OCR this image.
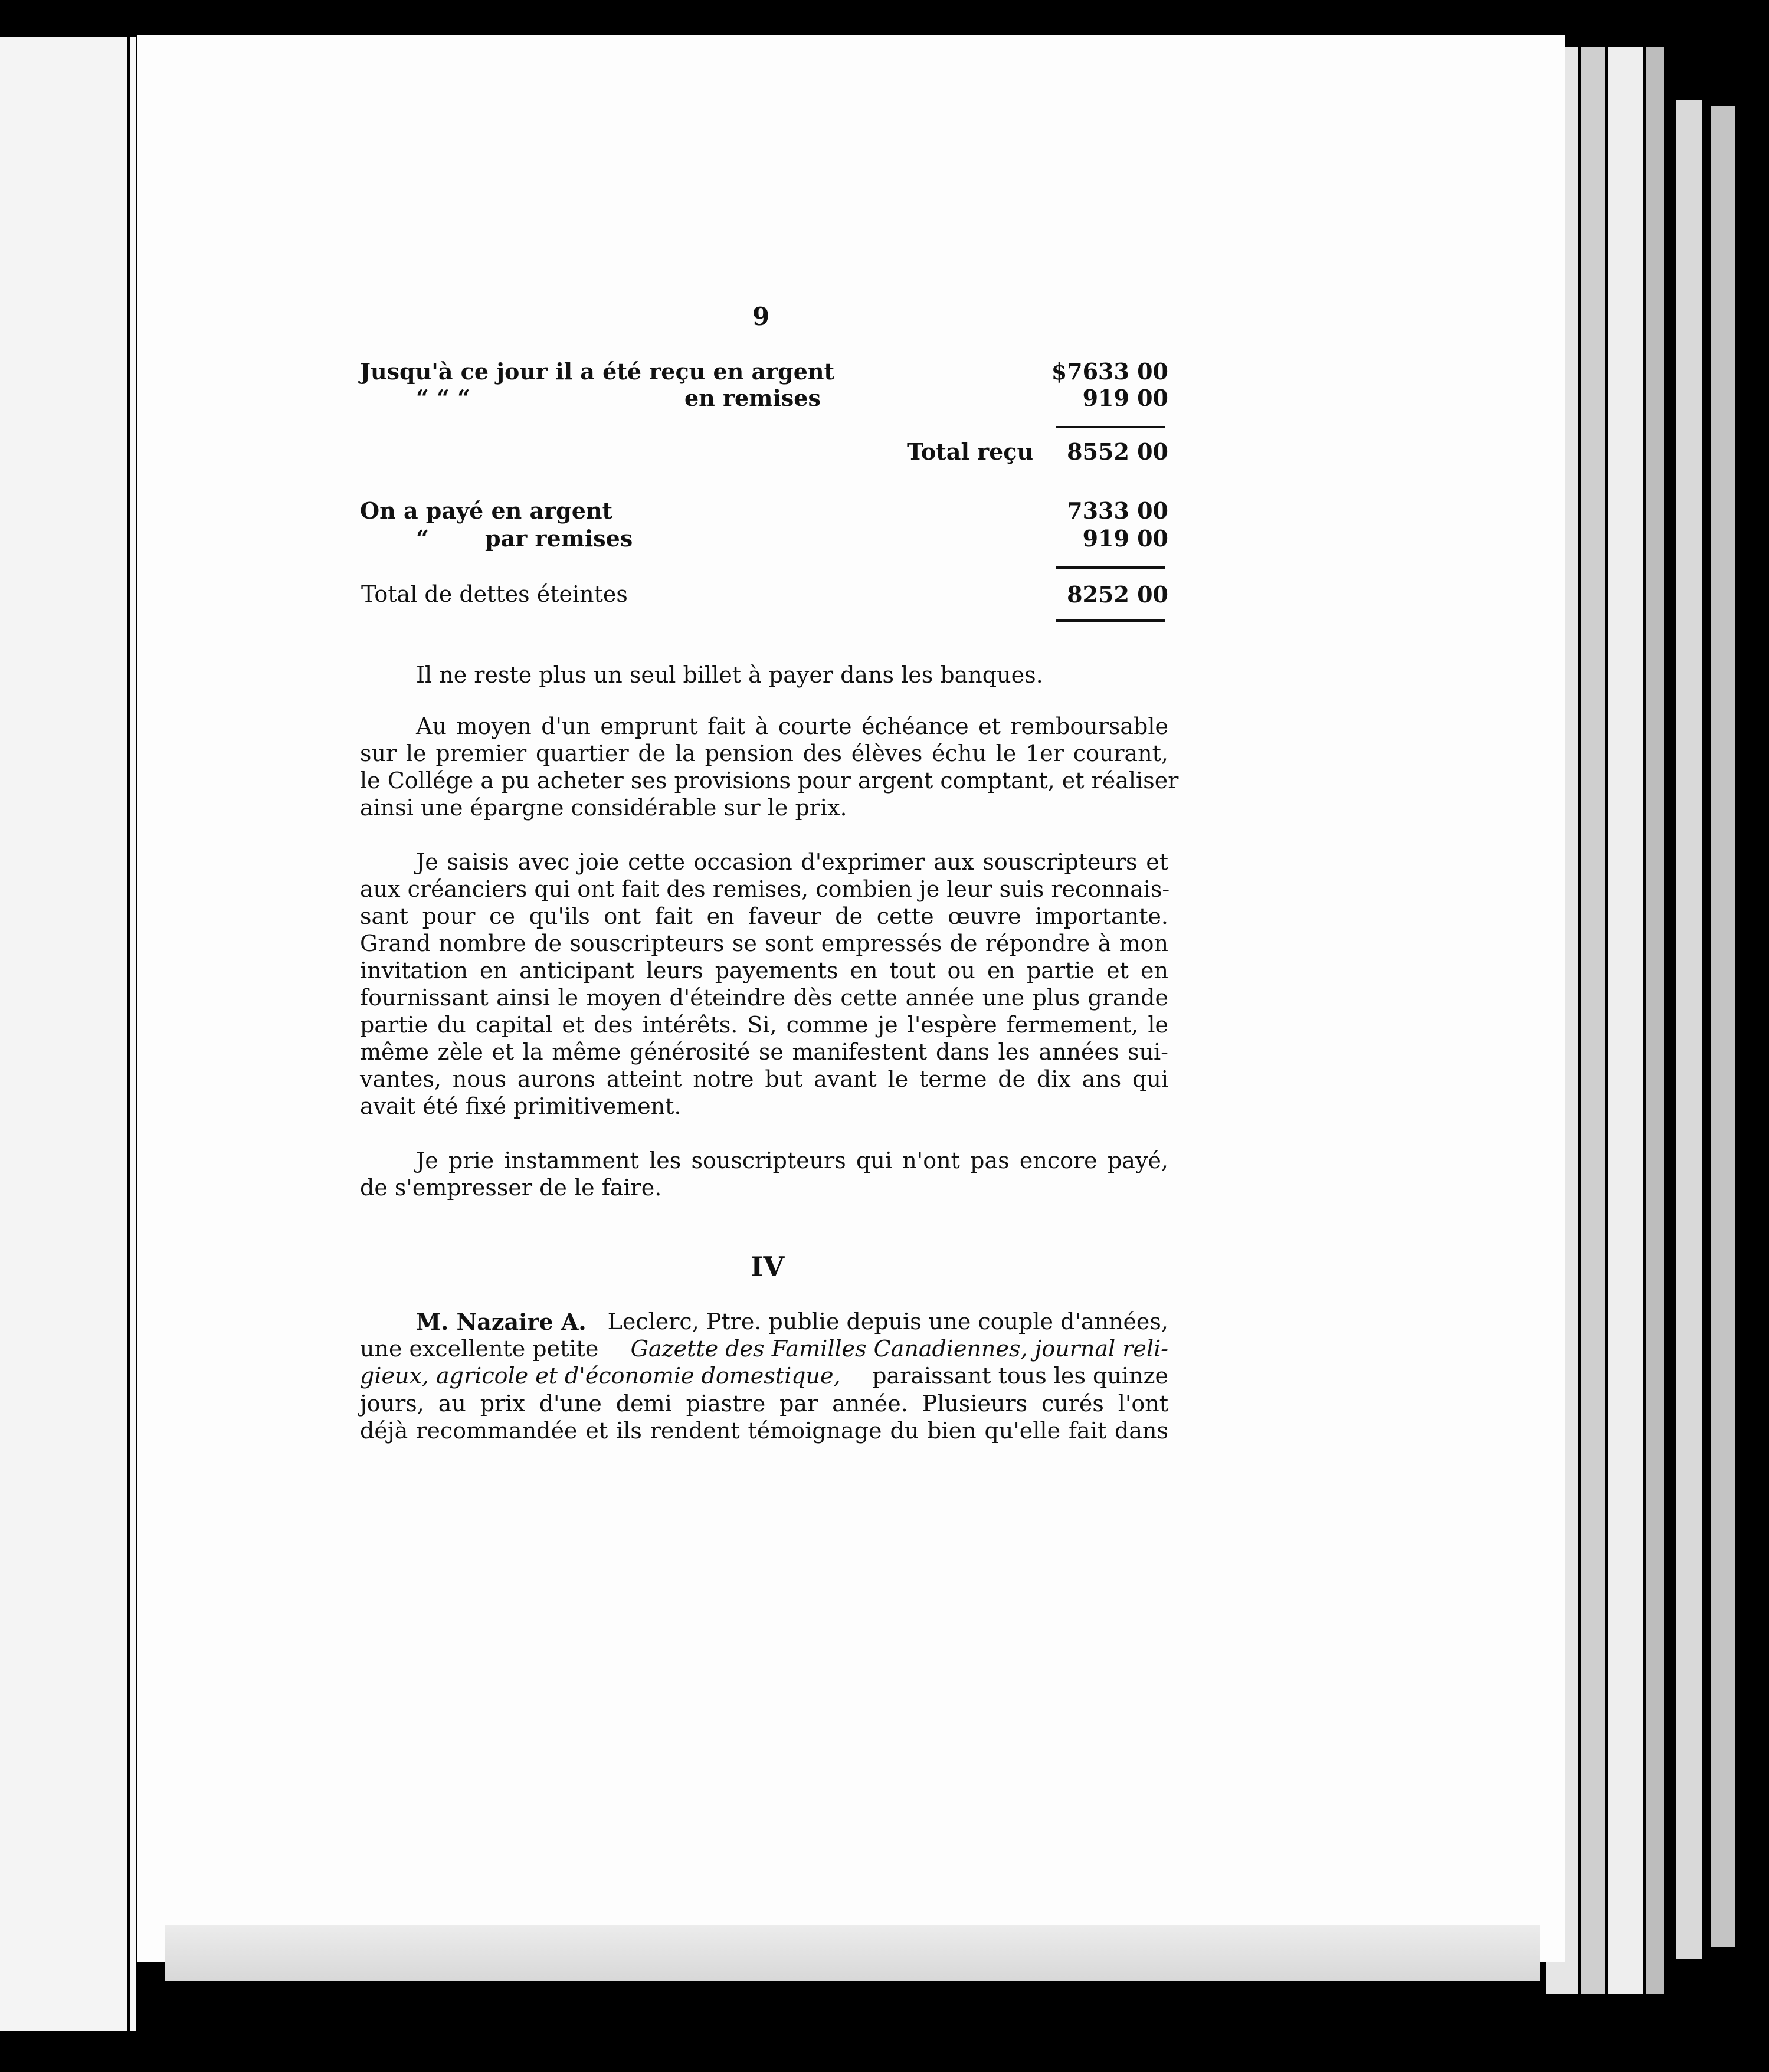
9
Jusqu'à ce jour il a été reçu en argent	$7633 00
“ “ “	en remises	919 00
Total reçu	8552 00
On a payé en argent	7333 00
“	par remises	919 00
Total de dettes éteintes	8252 00
Il ne reste plus un seul billet à payer dans les banques.
Au moyen d'un emprunt fait à courte échéance et remboursable
sur le premier quartier de la pension des élèves échu le 1er courant,
le Collége a pu acheter ses provisions pour argent comptant, et réaliser
ainsi une épargne considérable sur le prix.
Je saisis avec joie cette occasion d'exprimer aux souscripteurs et
aux créanciers qui ont fait des remises, combien je leur suis reconnais-
sant pour ce qu'ils ont fait en faveur de cette œuvre importante.
Grand nombre de souscripteurs se sont empressés de répondre à mon
invitation en anticipant leurs payements en tout ou en partie et en
fournissant ainsi le moyen d'éteindre dès cette année une plus grande
partie du capital et des intérêts. Si, comme je l'espère fermement, le
même zèle et la même générosité se manifestent dans les années sui-
vantes, nous aurons atteint notre but avant le terme de dix ans qui
avait été fixé primitivement.
Je prie instamment les souscripteurs qui n'ont pas encore payé,
de s'empresser de le faire.
IV
M. Nazaire A. Leclerc, Ptre. publie depuis une couple d'années,
une excellente petite Gazette des Familles Canadiennes, journal reli-
gieux, agricole et d'économie domestique, paraissant tous les quinze
jours, au prix d'une demi piastre par année. Plusieurs curés l'ont
déjà recommandée et ils rendent témoignage du bien qu'elle fait dans
